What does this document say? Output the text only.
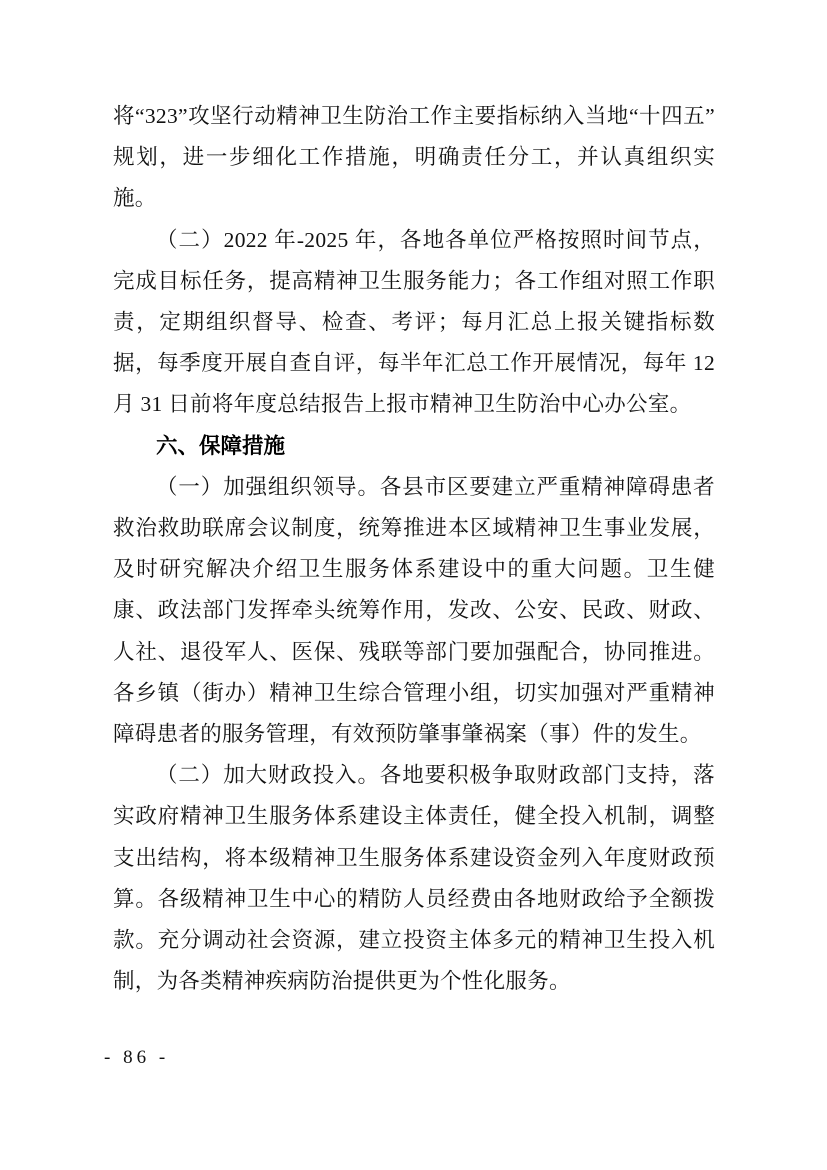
将“323”攻坚行动精神卫生防治工作主要指标纳入当地“十四五”规划，进一步细化工作措施，明确责任分工，并认真组织实施。

（二）2022 年-2025 年，各地各单位严格按照时间节点，完成目标任务，提高精神卫生服务能力；各工作组对照工作职责，定期组织督导、检查、考评；每月汇总上报关键指标数据，每季度开展自查自评，每半年汇总工作开展情况，每年 12 月 31 日前将年度总结报告上报市精神卫生防治中心办公室。

六、保障措施

（一）加强组织领导。各县市区要建立严重精神障碍患者救治救助联席会议制度，统筹推进本区域精神卫生事业发展，及时研究解决介绍卫生服务体系建设中的重大问题。卫生健康、政法部门发挥牵头统筹作用，发改、公安、民政、财政、人社、退役军人、医保、残联等部门要加强配合，协同推进。各乡镇（街办）精神卫生综合管理小组，切实加强对严重精神障碍患者的服务管理，有效预防肇事肇祸案（事）件的发生。

（二）加大财政投入。各地要积极争取财政部门支持，落实政府精神卫生服务体系建设主体责任，健全投入机制，调整支出结构，将本级精神卫生服务体系建设资金列入年度财政预算。各级精神卫生中心的精防人员经费由各地财政给予全额拨款。充分调动社会资源，建立投资主体多元的精神卫生投入机制，为各类精神疾病防治提供更为个性化服务。

- 86 -
